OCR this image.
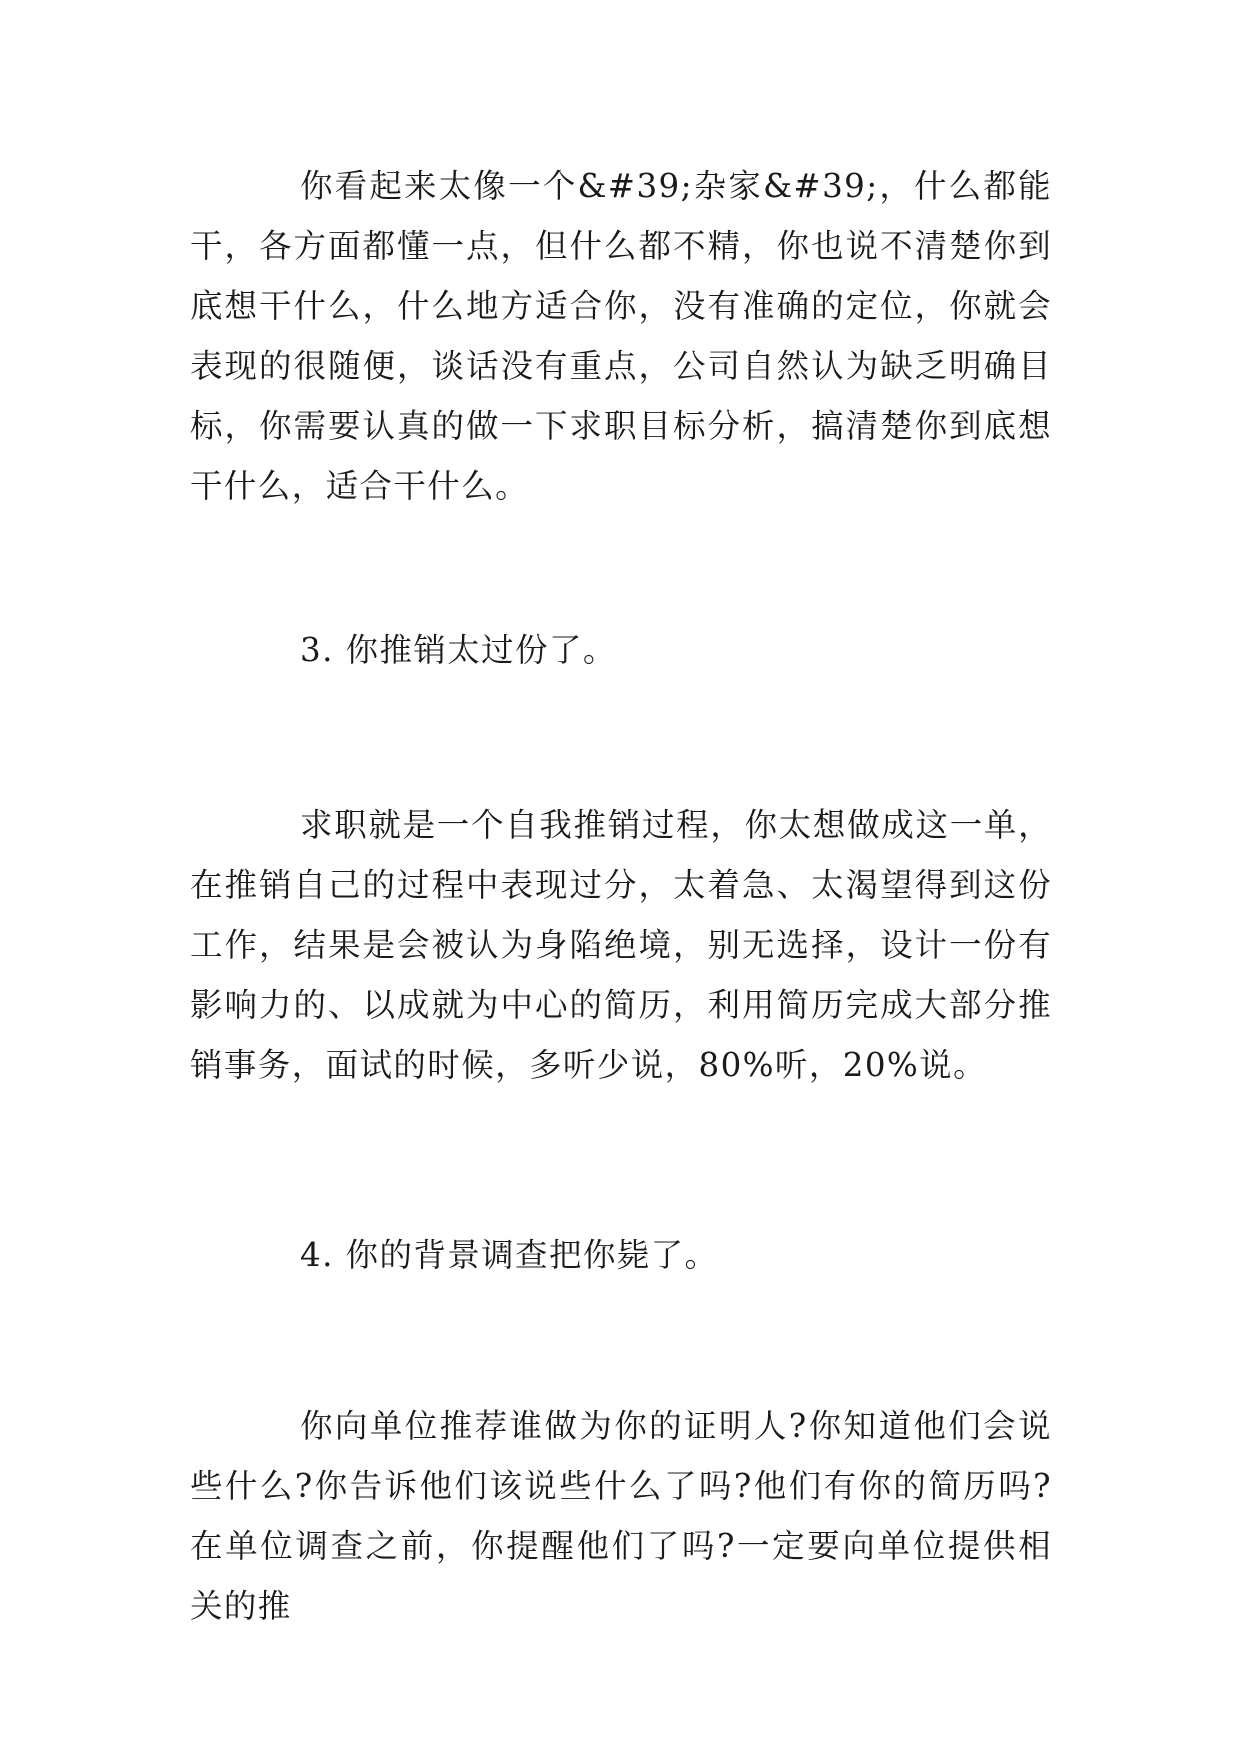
你看起来太像一个&#39;杂家&#39;，什么都能干，各方面都懂一点，但什么都不精，你也说不清楚你到底想干什么，什么地方适合你，没有准确的定位，你就会表现的很随便，谈话没有重点，公司自然认为缺乏明确目标，你需要认真的做一下求职目标分析，搞清楚你到底想干什么，适合干什么。

3. 你推销太过份了。

求职就是一个自我推销过程，你太想做成这一单，在推销自己的过程中表现过分，太着急、太渴望得到这份工作，结果是会被认为身陷绝境，别无选择，设计一份有影响力的、以成就为中心的简历，利用简历完成大部分推销事务，面试的时候，多听少说，80%听，20%说。

4. 你的背景调查把你毙了。

你向单位推荐谁做为你的证明人?你知道他们会说些什么?你告诉他们该说些什么了吗?他们有你的简历吗?在单位调查之前，你提醒他们了吗?一定要向单位提供相关的推
